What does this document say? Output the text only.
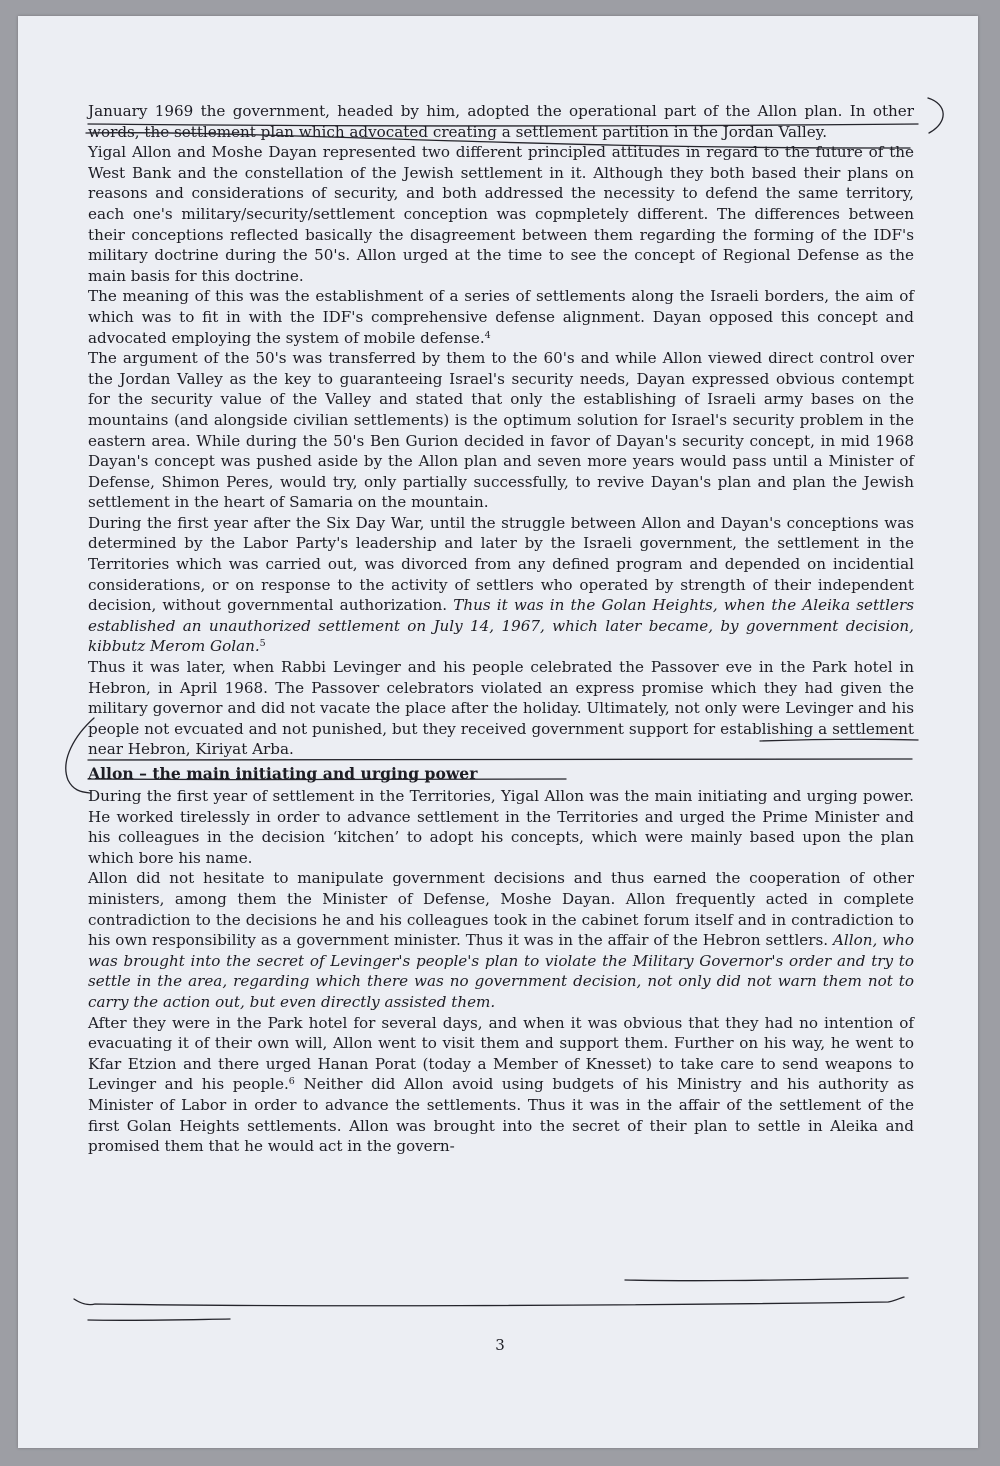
January 1969 the government, headed by him, adopted the operational part of the Allon plan. In other words, the settlement plan which advocated creating a settlement partition in the Jordan Valley.

Yigal Allon and Moshe Dayan represented two different principled attitudes in regard to the future of the West Bank and the constellation of the Jewish settlement in it. Although they both based their plans on reasons and considerations of security, and both addressed the necessity to defend the same territory, each one's military/security/settlement conception was copmpletely different. The differences between their conceptions reflected basically the disagreement between them regarding the forming of the IDF's military doctrine during the 50's. Allon urged at the time to see the concept of Regional Defense as the main basis for this doctrine.

The meaning of this was the establishment of a series of settlements along the Israeli borders, the aim of which was to fit in with the IDF's comprehensive defense alignment. Dayan opposed this concept and advocated employing the system of mobile defense.$^4$

The argument of the 50's was transferred by them to the 60's and while Allon viewed direct control over the Jordan Valley as the key to guaranteeing Israel's security needs, Dayan expressed obvious contempt for the security value of the Valley and stated that only the establishing of Israeli army bases on the mountains (and alongside civilian settlements) is the optimum solution for Israel's security problem in the eastern area. While during the 50's Ben Gurion decided in favor of Dayan's security concept, in mid 1968 Dayan's concept was pushed aside by the Allon plan and seven more years would pass until a Minister of Defense, Shimon Peres, would try, only partially successfully, to revive Dayan's plan and plan the Jewish settlement in the heart of Samaria on the mountain.

During the first year after the Six Day War, until the struggle between Allon and Dayan's conceptions was determined by the Labor Party's leadership and later by the Israeli government, the settlement in the Territories which was carried out, was divorced from any defined program and depended on incidential considerations, or on response to the activity of settlers who operated by strength of their independent decision, without governmental authorization. Thus it was in the Golan Heights, when the Aleika settlers established an unauthorized settlement on July 14, 1967, which later became, by government decision, kibbutz Merom Golan.$^5$

Thus it was later, when Rabbi Levinger and his people celebrated the Passover eve in the Park hotel in Hebron, in April 1968. The Passover celebrators violated an express promise which they had given the military governor and did not vacate the place after the holiday. Ultimately, not only were Levinger and his people not evcuated and not punished, but they received government support for establishing a settlement near Hebron, Kiriyat Arba.

Allon – the main initiating and urging power

During the first year of settlement in the Territories, Yigal Allon was the main initiating and urging power. He worked tirelessly in order to advance settlement in the Territories and urged the Prime Minister and his colleagues in the decision ‘kitchen’ to adopt his concepts, which were mainly based upon the plan which bore his name.

Allon did not hesitate to manipulate government decisions and thus earned the cooperation of other ministers, among them the Minister of Defense, Moshe Dayan. Allon frequently acted in complete contradiction to the decisions he and his colleagues took in the cabinet forum itself and in contradiction to his own responsibility as a government minister. Thus it was in the affair of the Hebron settlers. Allon, who was brought into the secret of Levinger's people's plan to violate the Military Governor's order and try to settle in the area, regarding which there was no government decision, not only did not warn them not to carry the action out, but even directly assisted them.

After they were in the Park hotel for several days, and when it was obvious that they had no intention of evacuating it of their own will, Allon went to visit them and support them. Further on his way, he went to Kfar Etzion and there urged Hanan Porat (today a Member of Knesset) to take care to send weapons to Levinger and his people.$^6$ Neither did Allon avoid using budgets of his Ministry and his authority as Minister of Labor in order to advance the settlements. Thus it was in the affair of the settlement of the first Golan Heights settlements. Allon was brought into the secret of their plan to settle in Aleika and promised them that he would act in the govern-

3
